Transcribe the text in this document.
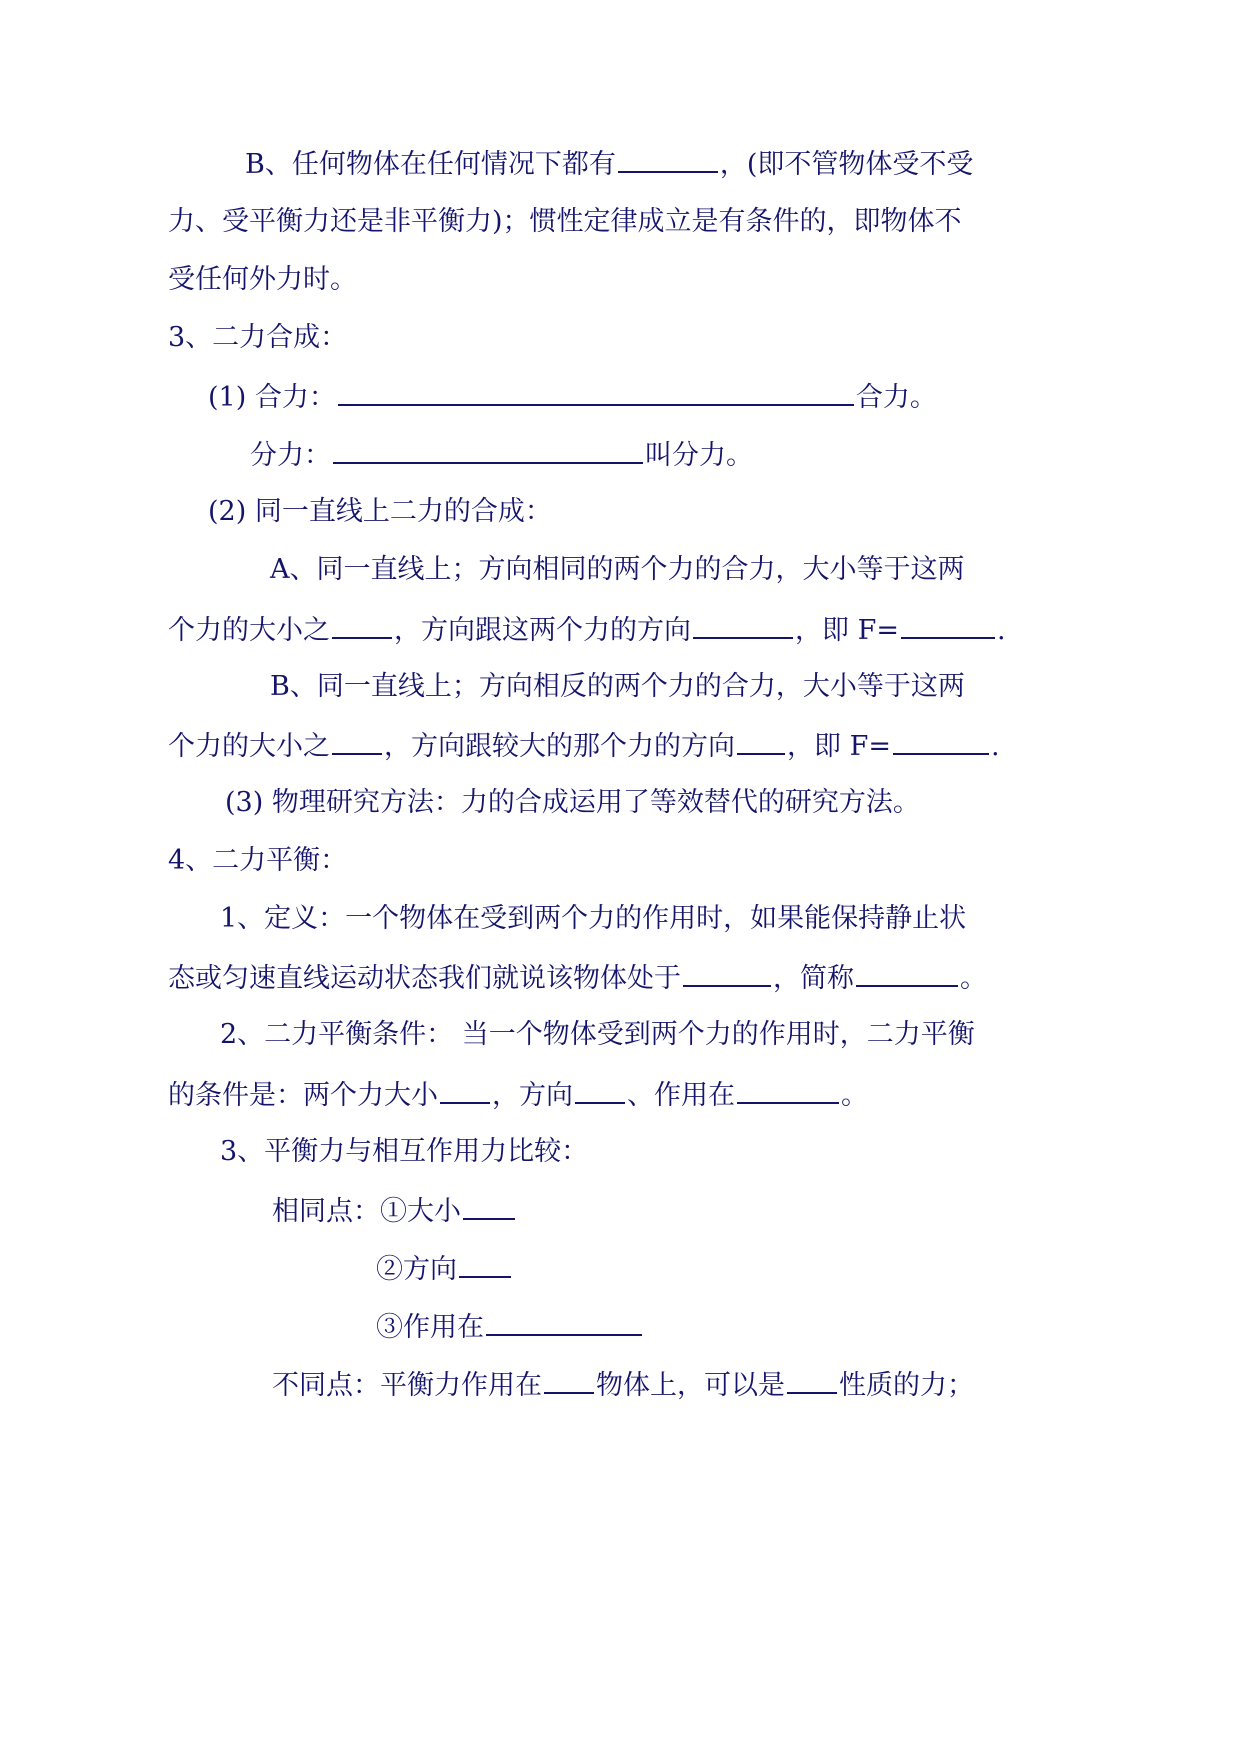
B、任何物体在任何情况下都有	，(即不管物体受不受
力、受平衡力还是非平衡力)；惯性定律成立是有条件的，即物体不
受任何外力时。
3、二力合成：
(1) 合力：	合力。
分力：	叫分力。
(2) 同一直线上二力的合成：
A、同一直线上；方向相同的两个力的合力，大小等于这两
个力的大小之 ，方向跟这两个力的方向	，即 F=	.
B、同一直线上；方向相反的两个力的合力，大小等于这两
个力的大小之 ，方向跟较大的那个力的方向 ，即 F=	.
(3) 物理研究方法：力的合成运用了等效替代的研究方法。
4、二力平衡：
1、定义：一个物体在受到两个力的作用时，如果能保持静止状
态或匀速直线运动状态我们就说该物体处于	，简称	。
2、二力平衡条件： 当一个物体受到两个力的作用时，二力平衡
的条件是：两个力大小 ，方向 、作用在	。
3、平衡力与相互作用力比较：
相同点：①大小
②方向
③作用在
不同点：平衡力作用在 物体上，可以是 性质的力；
